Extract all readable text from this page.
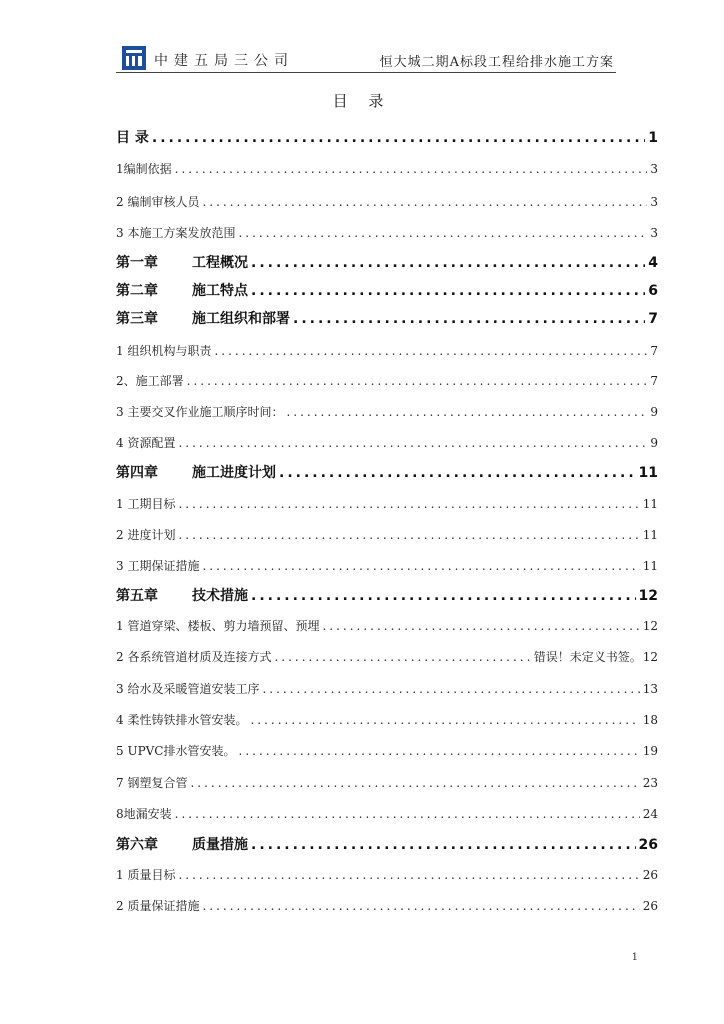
中建五局三公司	恒大城二期A标段工程给排水施工方案
目 录
目 录 .....	1
1编制依据 .....	3
2 编制审核人员 .....	3
3 本施工方案发放范围 .....	3
第一章 工程概况 .....	4
第二章 施工特点 .....	6
第三章 施工组织和部署 .....	7
1 组织机构与职责 .....	7
2、施工部署 .....	7
3 主要交叉作业施工顺序时间： .....	9
4 资源配置 .....	9
第四章 施工进度计划 .....	11
1 工期目标 .....	11
2 进度计划 .....	11
3 工期保证措施 .....	11
第五章 技术措施 .....	12
1 管道穿梁、楼板、剪力墙预留、预埋 .....	12
2 各系统管道材质及连接方式 .....	错误！未定义书签。 12
3 给水及采暖管道安装工序 .....	13
4 柔性铸铁排水管安装。 .....	18
5 UPVC排水管安装。 .....	19
7 钢塑复合管 .....	23
8地漏安装 .....	24
第六章 质量措施 .....	26
1 质量目标 .....	26
2 质量保证措施 .....	26
1
